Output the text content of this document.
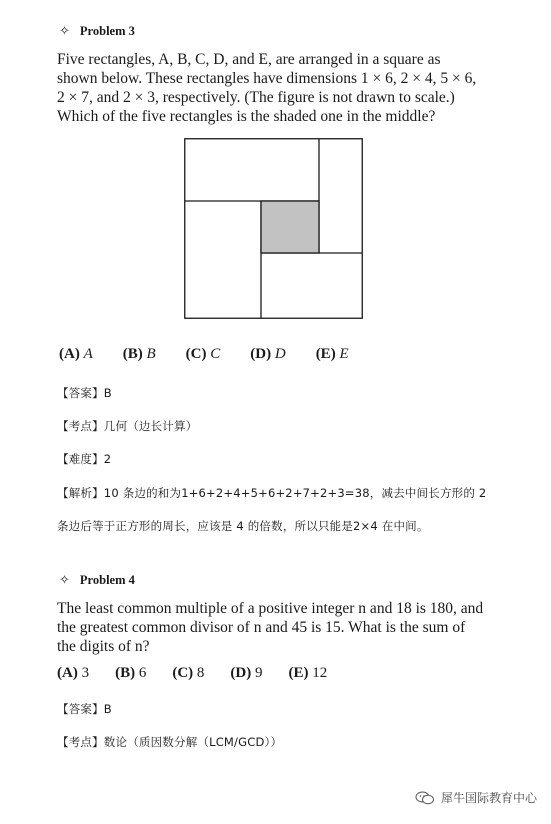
✧ Problem 3

Five rectangles, A, B, C, D, and E, are arranged in a square as

shown below. These rectangles have dimensions 1 × 6, 2 × 4, 5 × 6,

2 × 7, and 2 × 3, respectively. (The figure is not drawn to scale.)

Which of the five rectangles is the shaded one in the middle?

(A) A (B) B (C) C (D) D (E) E
【答案】B
【考点】几何（边长计算）
【难度】2
【解析】10 条边的和为1+6+2+4+5+6+2+7+2+3=38，减去中间长方形的 2
条边后等于正方形的周长，应该是 4 的倍数，所以只能是2×4 在中间。
✧ Problem 4

The least common multiple of a positive integer n and 18 is 180, and

the greatest common divisor of n and 45 is 15. What is the sum of

the digits of n?

(A) 3 (B) 6 (C) 8 (D) 9 (E) 12
【答案】B
【考点】数论（质因数分解（LCM/GCD））
犀牛国际教育中心
